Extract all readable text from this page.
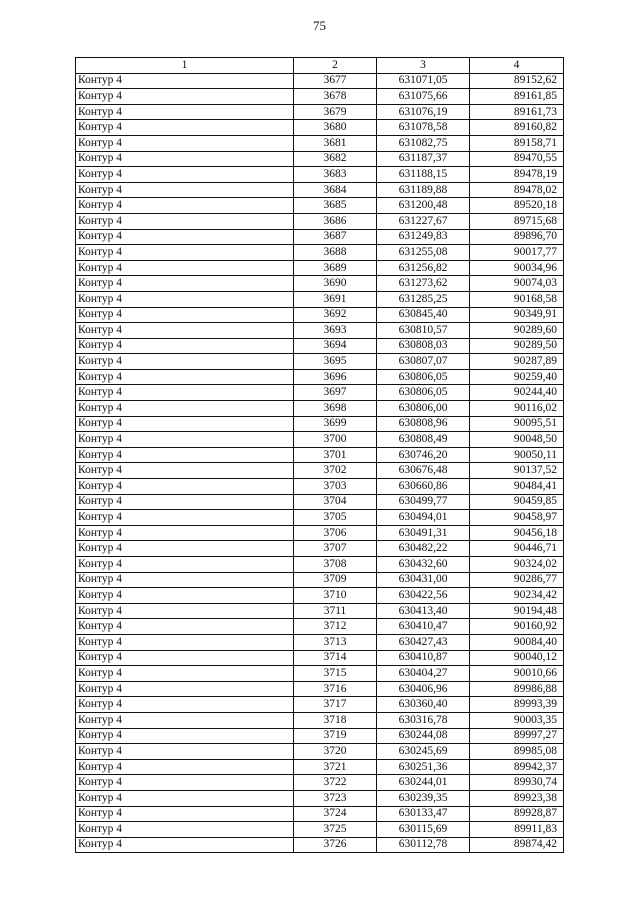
75
1	2	3	4
Контур 4	3677	631071,05	89152,62
Контур 4	3678	631075,66	89161,85
Контур 4	3679	631076,19	89161,73
Контур 4	3680	631078,58	89160,82
Контур 4	3681	631082,75	89158,71
Контур 4	3682	631187,37	89470,55
Контур 4	3683	631188,15	89478,19
Контур 4	3684	631189,88	89478,02
Контур 4	3685	631200,48	89520,18
Контур 4	3686	631227,67	89715,68
Контур 4	3687	631249,83	89896,70
Контур 4	3688	631255,08	90017,77
Контур 4	3689	631256,82	90034,96
Контур 4	3690	631273,62	90074,03
Контур 4	3691	631285,25	90168,58
Контур 4	3692	630845,40	90349,91
Контур 4	3693	630810,57	90289,60
Контур 4	3694	630808,03	90289,50
Контур 4	3695	630807,07	90287,89
Контур 4	3696	630806,05	90259,40
Контур 4	3697	630806,05	90244,40
Контур 4	3698	630806,00	90116,02
Контур 4	3699	630808,96	90095,51
Контур 4	3700	630808,49	90048,50
Контур 4	3701	630746,20	90050,11
Контур 4	3702	630676,48	90137,52
Контур 4	3703	630660,86	90484,41
Контур 4	3704	630499,77	90459,85
Контур 4	3705	630494,01	90458,97
Контур 4	3706	630491,31	90456,18
Контур 4	3707	630482,22	90446,71
Контур 4	3708	630432,60	90324,02
Контур 4	3709	630431,00	90286,77
Контур 4	3710	630422,56	90234,42
Контур 4	3711	630413,40	90194,48
Контур 4	3712	630410,47	90160,92
Контур 4	3713	630427,43	90084,40
Контур 4	3714	630410,87	90040,12
Контур 4	3715	630404,27	90010,66
Контур 4	3716	630406,96	89986,88
Контур 4	3717	630360,40	89993,39
Контур 4	3718	630316,78	90003,35
Контур 4	3719	630244,08	89997,27
Контур 4	3720	630245,69	89985,08
Контур 4	3721	630251,36	89942,37
Контур 4	3722	630244,01	89930,74
Контур 4	3723	630239,35	89923,38
Контур 4	3724	630133,47	89928,87
Контур 4	3725	630115,69	89911,83
Контур 4	3726	630112,78	89874,42
